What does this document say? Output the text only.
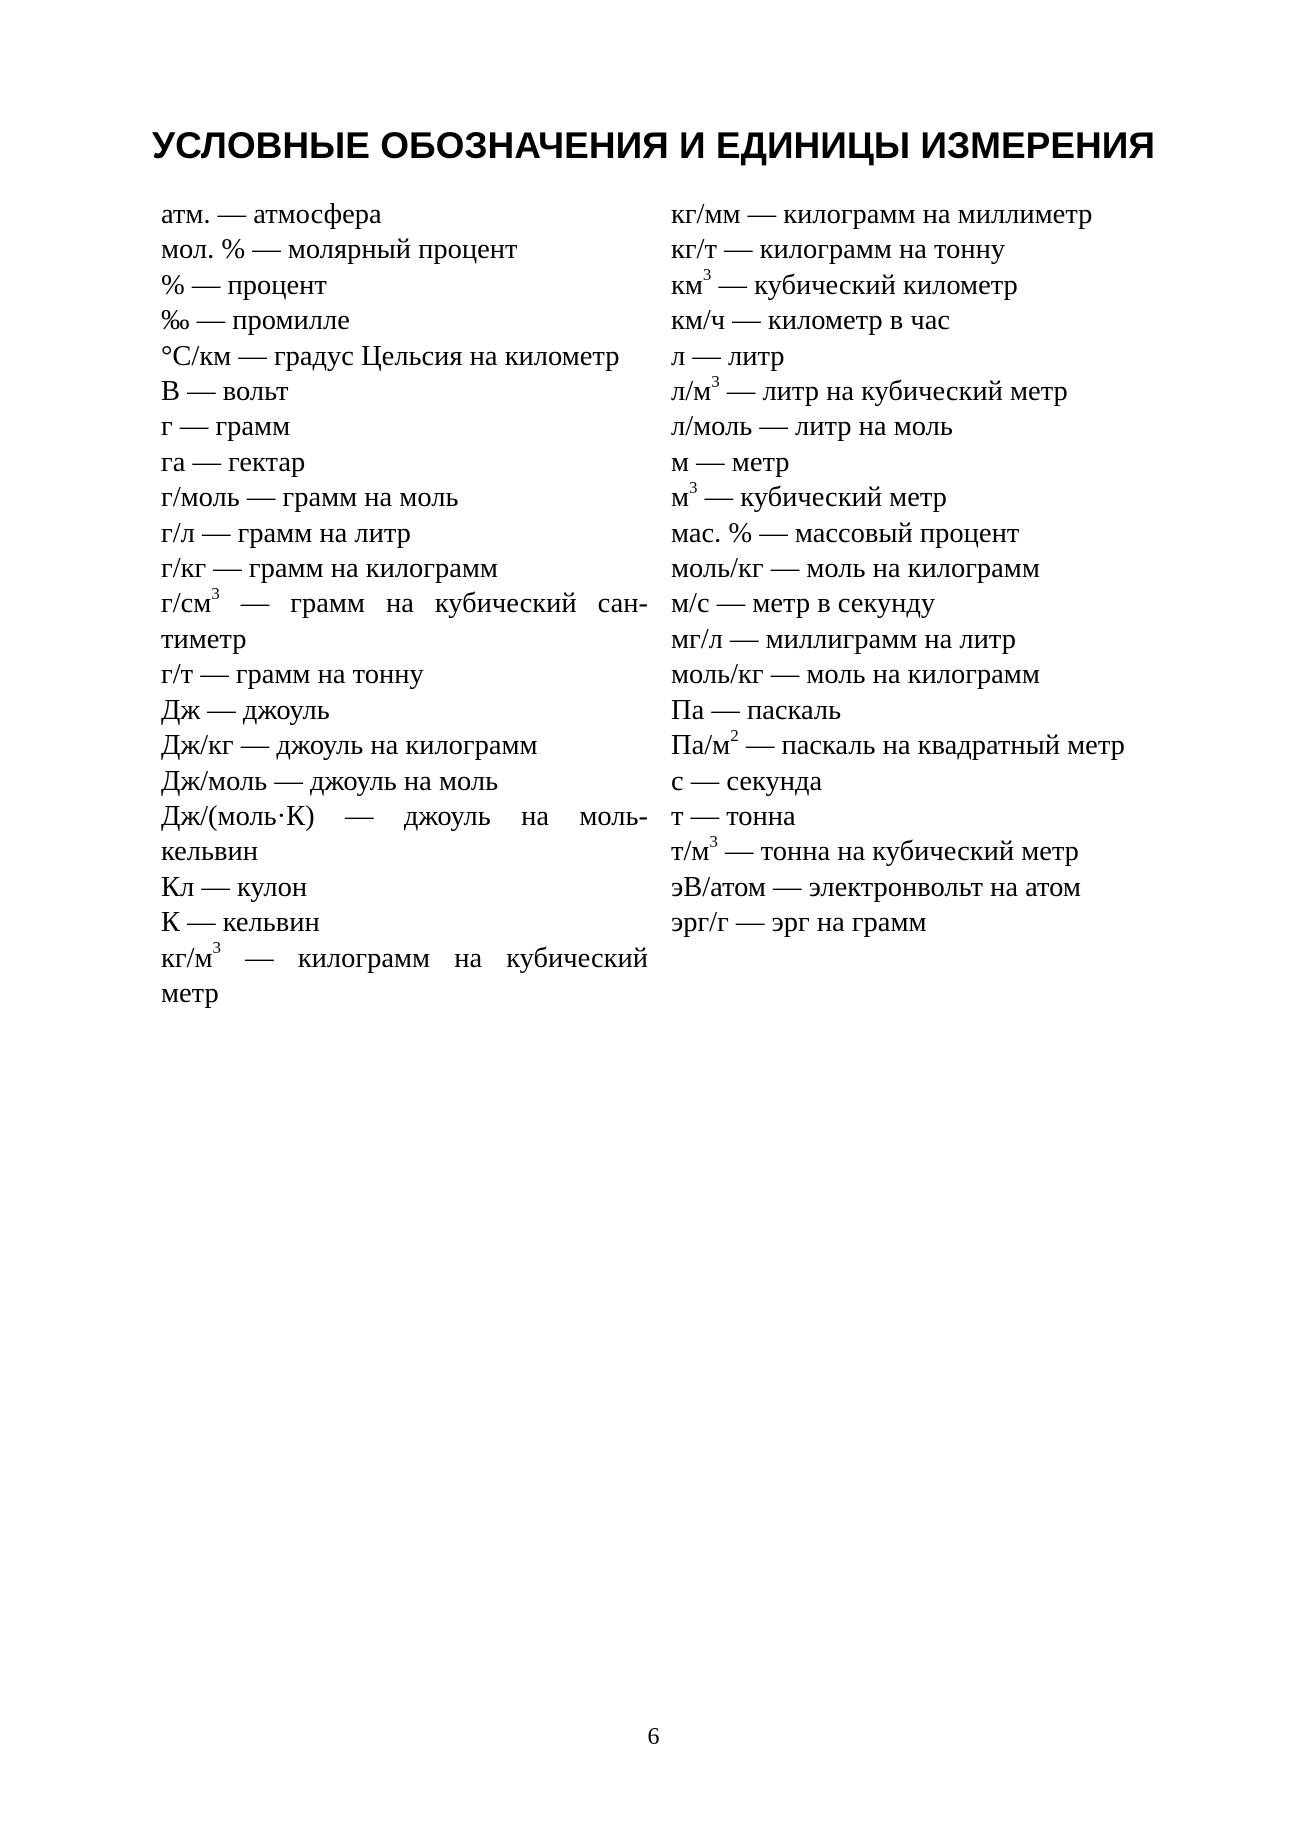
УСЛОВНЫЕ ОБОЗНАЧЕНИЯ И ЕДИНИЦЫ ИЗМЕРЕНИЯ
атм. — атмосфера
мол. % — молярный процент
% — процент
‰ — промилле
°С/км — градус Цельсия на километр
В — вольт
г — грамм
га — гектар
г/моль — грамм на моль
г/л — грамм на литр
г/кг — грамм на килограмм
$г/см^3$ — грамм на кубический сан-
тиметр
г/т — грамм на тонну
Дж — джоуль
Дж/кг — джоуль на килограмм
Дж/моль — джоуль на моль
Дж/(моль·К) — джоуль на моль-
кельвин
Кл — кулон
К — кельвин
$кг/м^3$ — килограмм на кубический
метр
кг/мм — килограмм на миллиметр
кг/т — килограмм на тонну
$км^3$ — кубический километр
км/ч — километр в час
л — литр
$л/м^3$ — литр на кубический метр
л/моль — литр на моль
м — метр
$м^3$ — кубический метр
мас. % — массовый процент
моль/кг — моль на килограмм
м/с — метр в секунду
мг/л — миллиграмм на литр
моль/кг — моль на килограмм
Па — паскаль
$Па/м^2$ — паскаль на квадратный метр
с — секунда
т — тонна
$т/м^3$ — тонна на кубический метр
эВ/атом — электронвольт на атом
эрг/г — эрг на грамм
6
